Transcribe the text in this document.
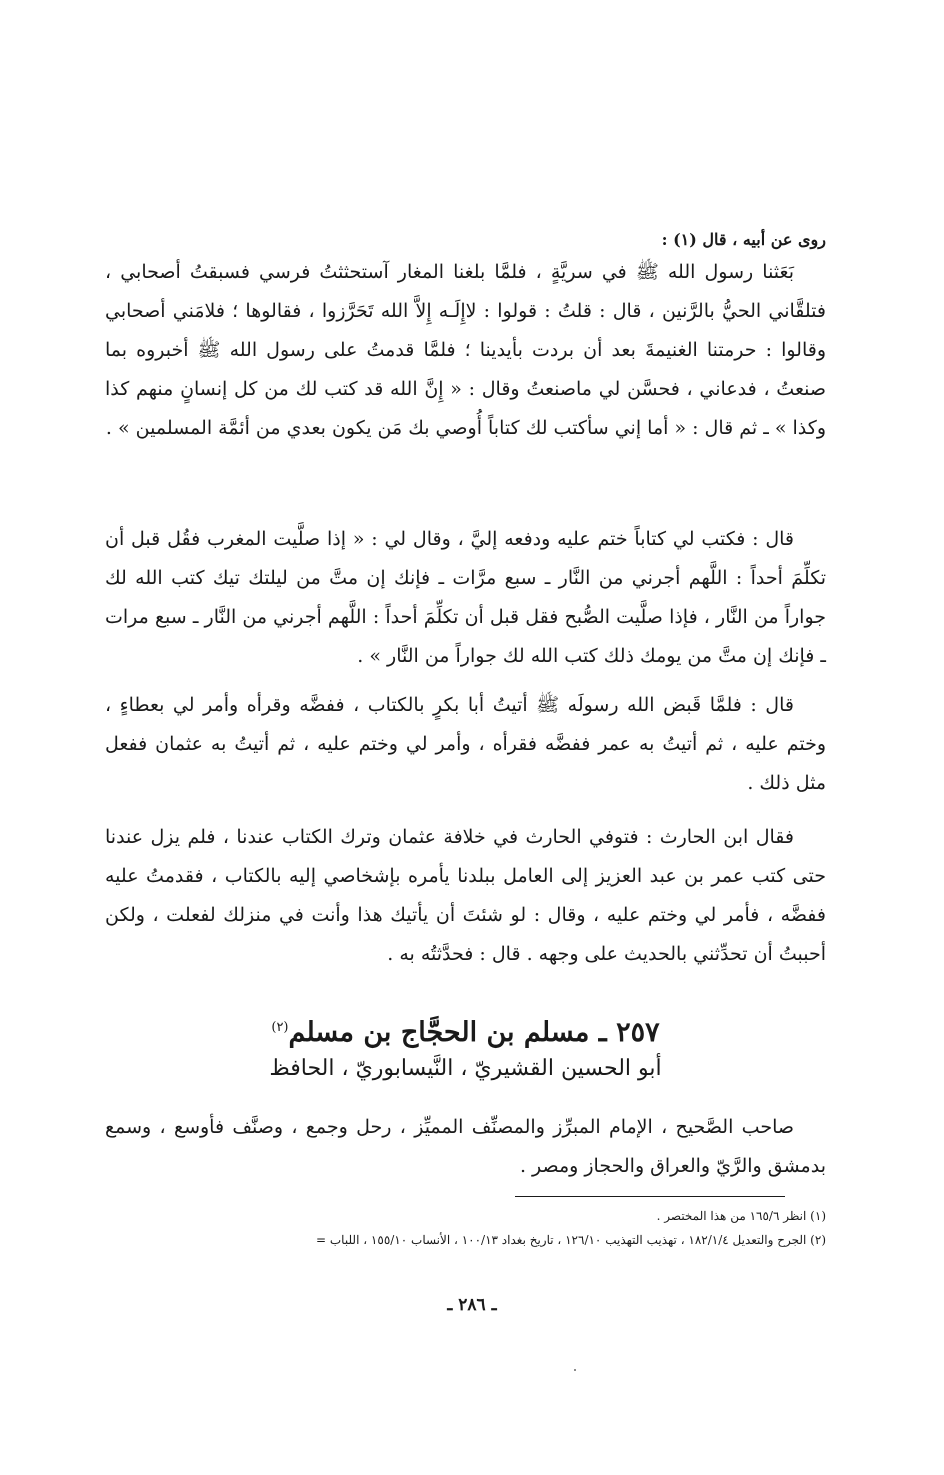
روى عن أبيه ، قال (١) :
بَعَثنا رسول الله ﷺ في سريَّةٍ ، فلمَّا بلغنا المغار آستحثثتُ فرسي فسبقتُ أصحابي ، فتلقَّاني الحيُّ بالرَّنين ، قال : قلتُ : قولوا : لاإِلَـه إِلاَّ الله تَحَرَّزوا ، فقالوها ؛ فلامَني أصحابي وقالوا : حرمتنا الغنيمةَ بعد أن بردت بأيدينا ؛ فلمَّا قدمتُ على رسول الله ﷺ أخبروه بما صنعتُ ، فدعاني ، فحسَّن لي ماصنعتُ وقال : « إِنَّ الله قد كتب لك من كل إنسانٍ منهم كذا وكذا » ـ ثم قال : « أما إني سأكتب لك كتاباً أُوصي بك مَن يكون بعدي من أئمَّة المسلمين » .
قال : فكتب لي كتاباً ختم عليه ودفعه إليَّ ، وقال لي : « إذا صلَّيت المغرب فقُل قبل أن تكلِّمَ أحداً : اللَّهم أجرني من النَّار ـ سبع مرَّات ـ فإنك إن متَّ من ليلتك تيك كتب الله لك جواراً من النَّار ، فإذا صلَّيت الصُّبح فقل قبل أن تكلِّمَ أحداً : اللَّهم أجرني من النَّار ـ سبع مرات ـ فإنك إن متَّ من يومك ذلك كتب الله لك جواراً من النَّار » .
قال : فلمَّا قَبض الله رسولَه ﷺ أتيتُ أبا بكرٍ بالكتاب ، ففضَّه وقرأه وأمر لي بعطاءٍ ، وختم عليه ، ثم أتيتُ به عمر ففضَّه فقرأه ، وأمر لي وختم عليه ، ثم أتيتُ به عثمان ففعل مثل ذلك .
فقال ابن الحارث : فتوفي الحارث في خلافة عثمان وترك الكتاب عندنا ، فلم يزل عندنا حتى كتب عمر بن عبد العزيز إلى العامل ببلدنا يأمره بإشخاصي إليه بالكتاب ، فقدمتُ عليه ففضَّه ، فأمر لي وختم عليه ، وقال : لو شئتَ أن يأتيك هذا وأنت في منزلك لفعلت ، ولكن أحببتُ أن تحدِّثني بالحديث على وجهه . قال : فحدَّثتُه به .
٢٥٧ ـ مسلم بن الحجَّاج بن مسلم$^{(٢)}$
أبو الحسين القشيريّ ، النَّيسابوريّ ، الحافظ
صاحب الصَّحيح ، الإمام المبرِّز والمصنِّف المميِّز ، رحل وجمع ، وصنَّف فأوسع ، وسمع بدمشق والرَّيّ والعراق والحجاز ومصر .
(١) انظر ١٦٥/٦ من هذا المختصر .
(٢) الجرح والتعديل ١٨٢/١/٤ ، تهذيب التهذيب ١٢٦/١٠ ، تاريخ بغداد ١٠٠/١٣ ، الأنساب ١٥٥/١٠ ، اللباب =
ـ ٢٨٦ ـ
